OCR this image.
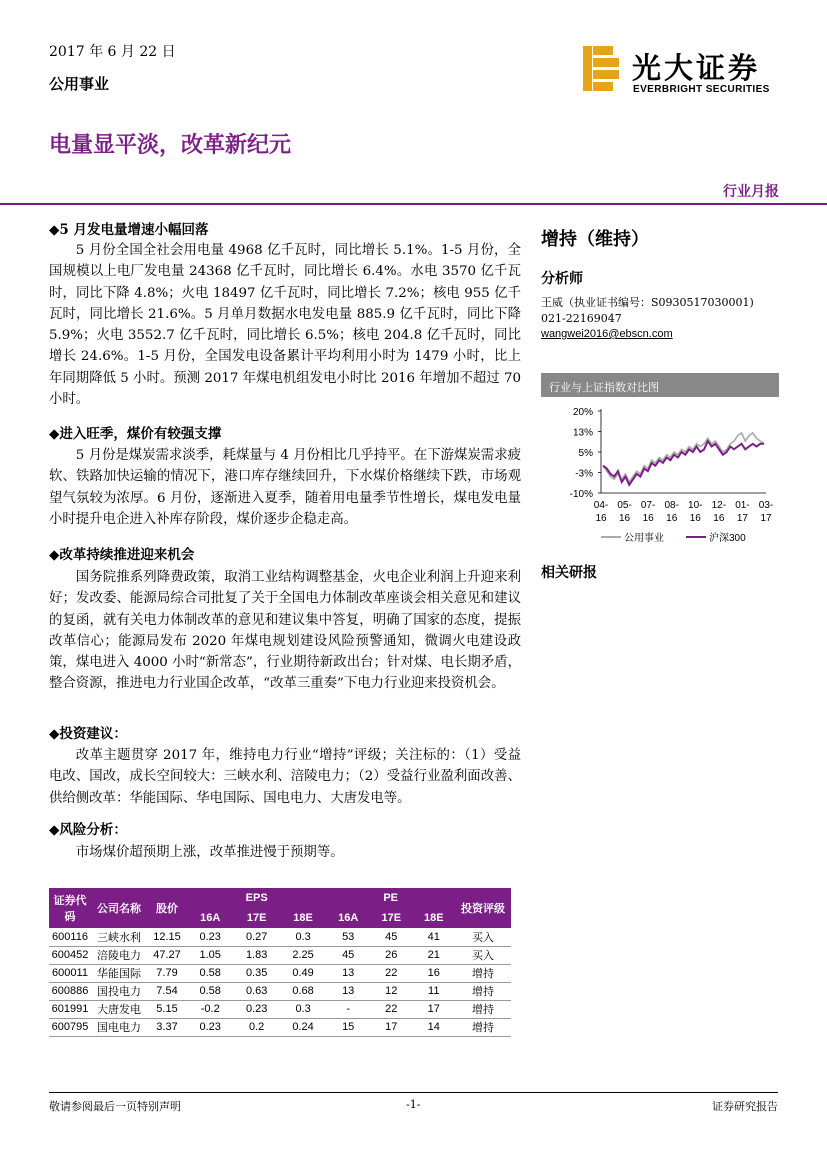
2017 年 6 月 22 日
公用事业	光大证券
EVERBRIGHT SECURITIES
电量显平淡，改革新纪元
行业月报
◆5 月发电量增速小幅回落

5 月份全国全社会用电量 4968 亿千瓦时，同比增长 5.1%。1-5 月份，全国规模以上电厂发电量 24368 亿千瓦时，同比增长 6.4%。水电 3570 亿千瓦时，同比下降 4.8%；火电 18497 亿千瓦时，同比增长 7.2%；核电 955 亿千瓦时，同比增长 21.6%。5 月单月数据水电发电量 885.9 亿千瓦时，同比下降 5.9%；火电 3552.7 亿千瓦时，同比增长 6.5%；核电 204.8 亿千瓦时，同比增长 24.6%。1-5 月份，全国发电设备累计平均利用小时为 1479 小时，比上年同期降低 5 小时。预测 2017 年煤电机组发电小时比 2016 年增加不超过 70 小时。

◆进入旺季，煤价有较强支撑

5 月份是煤炭需求淡季，耗煤量与 4 月份相比几乎持平。在下游煤炭需求疲软、铁路加快运输的情况下，港口库存继续回升，下水煤价格继续下跌，市场观望气氛较为浓厚。6 月份，逐渐进入夏季，随着用电量季节性增长，煤电发电量小时提升电企进入补库存阶段，煤价逐步企稳走高。

◆改革持续推进迎来机会

国务院推系列降费政策，取消工业结构调整基金，火电企业利润上升迎来利好；发改委、能源局综合司批复了关于全国电力体制改革座谈会相关意见和建议的复函，就有关电力体制改革的意见和建议集中答复，明确了国家的态度，提振改革信心；能源局发布 2020 年煤电规划建设风险预警通知，微调火电建设政策，煤电进入 4000 小时“新常态”，行业期待新政出台；针对煤、电长期矛盾，整合资源，推进电力行业国企改革，“改革三重奏”下电力行业迎来投资机会。

◆投资建议：

改革主题贯穿 2017 年，维持电力行业“增持”评级；关注标的：（1）受益电改、国改，成长空间较大：三峡水利、涪陵电力；（2）受益行业盈利面改善、供给侧改革：华能国际、华电国际、国电电力、大唐发电等。

◆风险分析：

市场煤价超预期上涨，改革推进慢于预期等。

增持（维持）
分析师
王威（执业证书编号：S0930517030001)
021-22169047
wangwei2016@ebscn.com
行业与上证指数对比图
20%
13%
5%
-3%
-10%
04-
16
05-
16
07-
16
08-
16
10-
16
12-
16
01-
17
03-
17
公用事业	沪深300
相关研报
证券代码	公司名称	股价	EPS			PE			投资评级
			16A	17E	18E	16A	17E	18E	
600116	三峡水利	12.15	0.23	0.27	0.3	53	45	41	买入
600452	涪陵电力	47.27	1.05	1.83	2.25	45	26	21	买入
600011	华能国际	7.79	0.58	0.35	0.49	13	22	16	增持
600886	国投电力	7.54	0.58	0.63	0.68	13	12	11	增持
601991	大唐发电	5.15	-0.2	0.23	0.3	-	22	17	增持
600795	国电电力	3.37	0.23	0.2	0.24	15	17	14	增持
敬请参阅最后一页特别声明	-1-	证券研究报告
